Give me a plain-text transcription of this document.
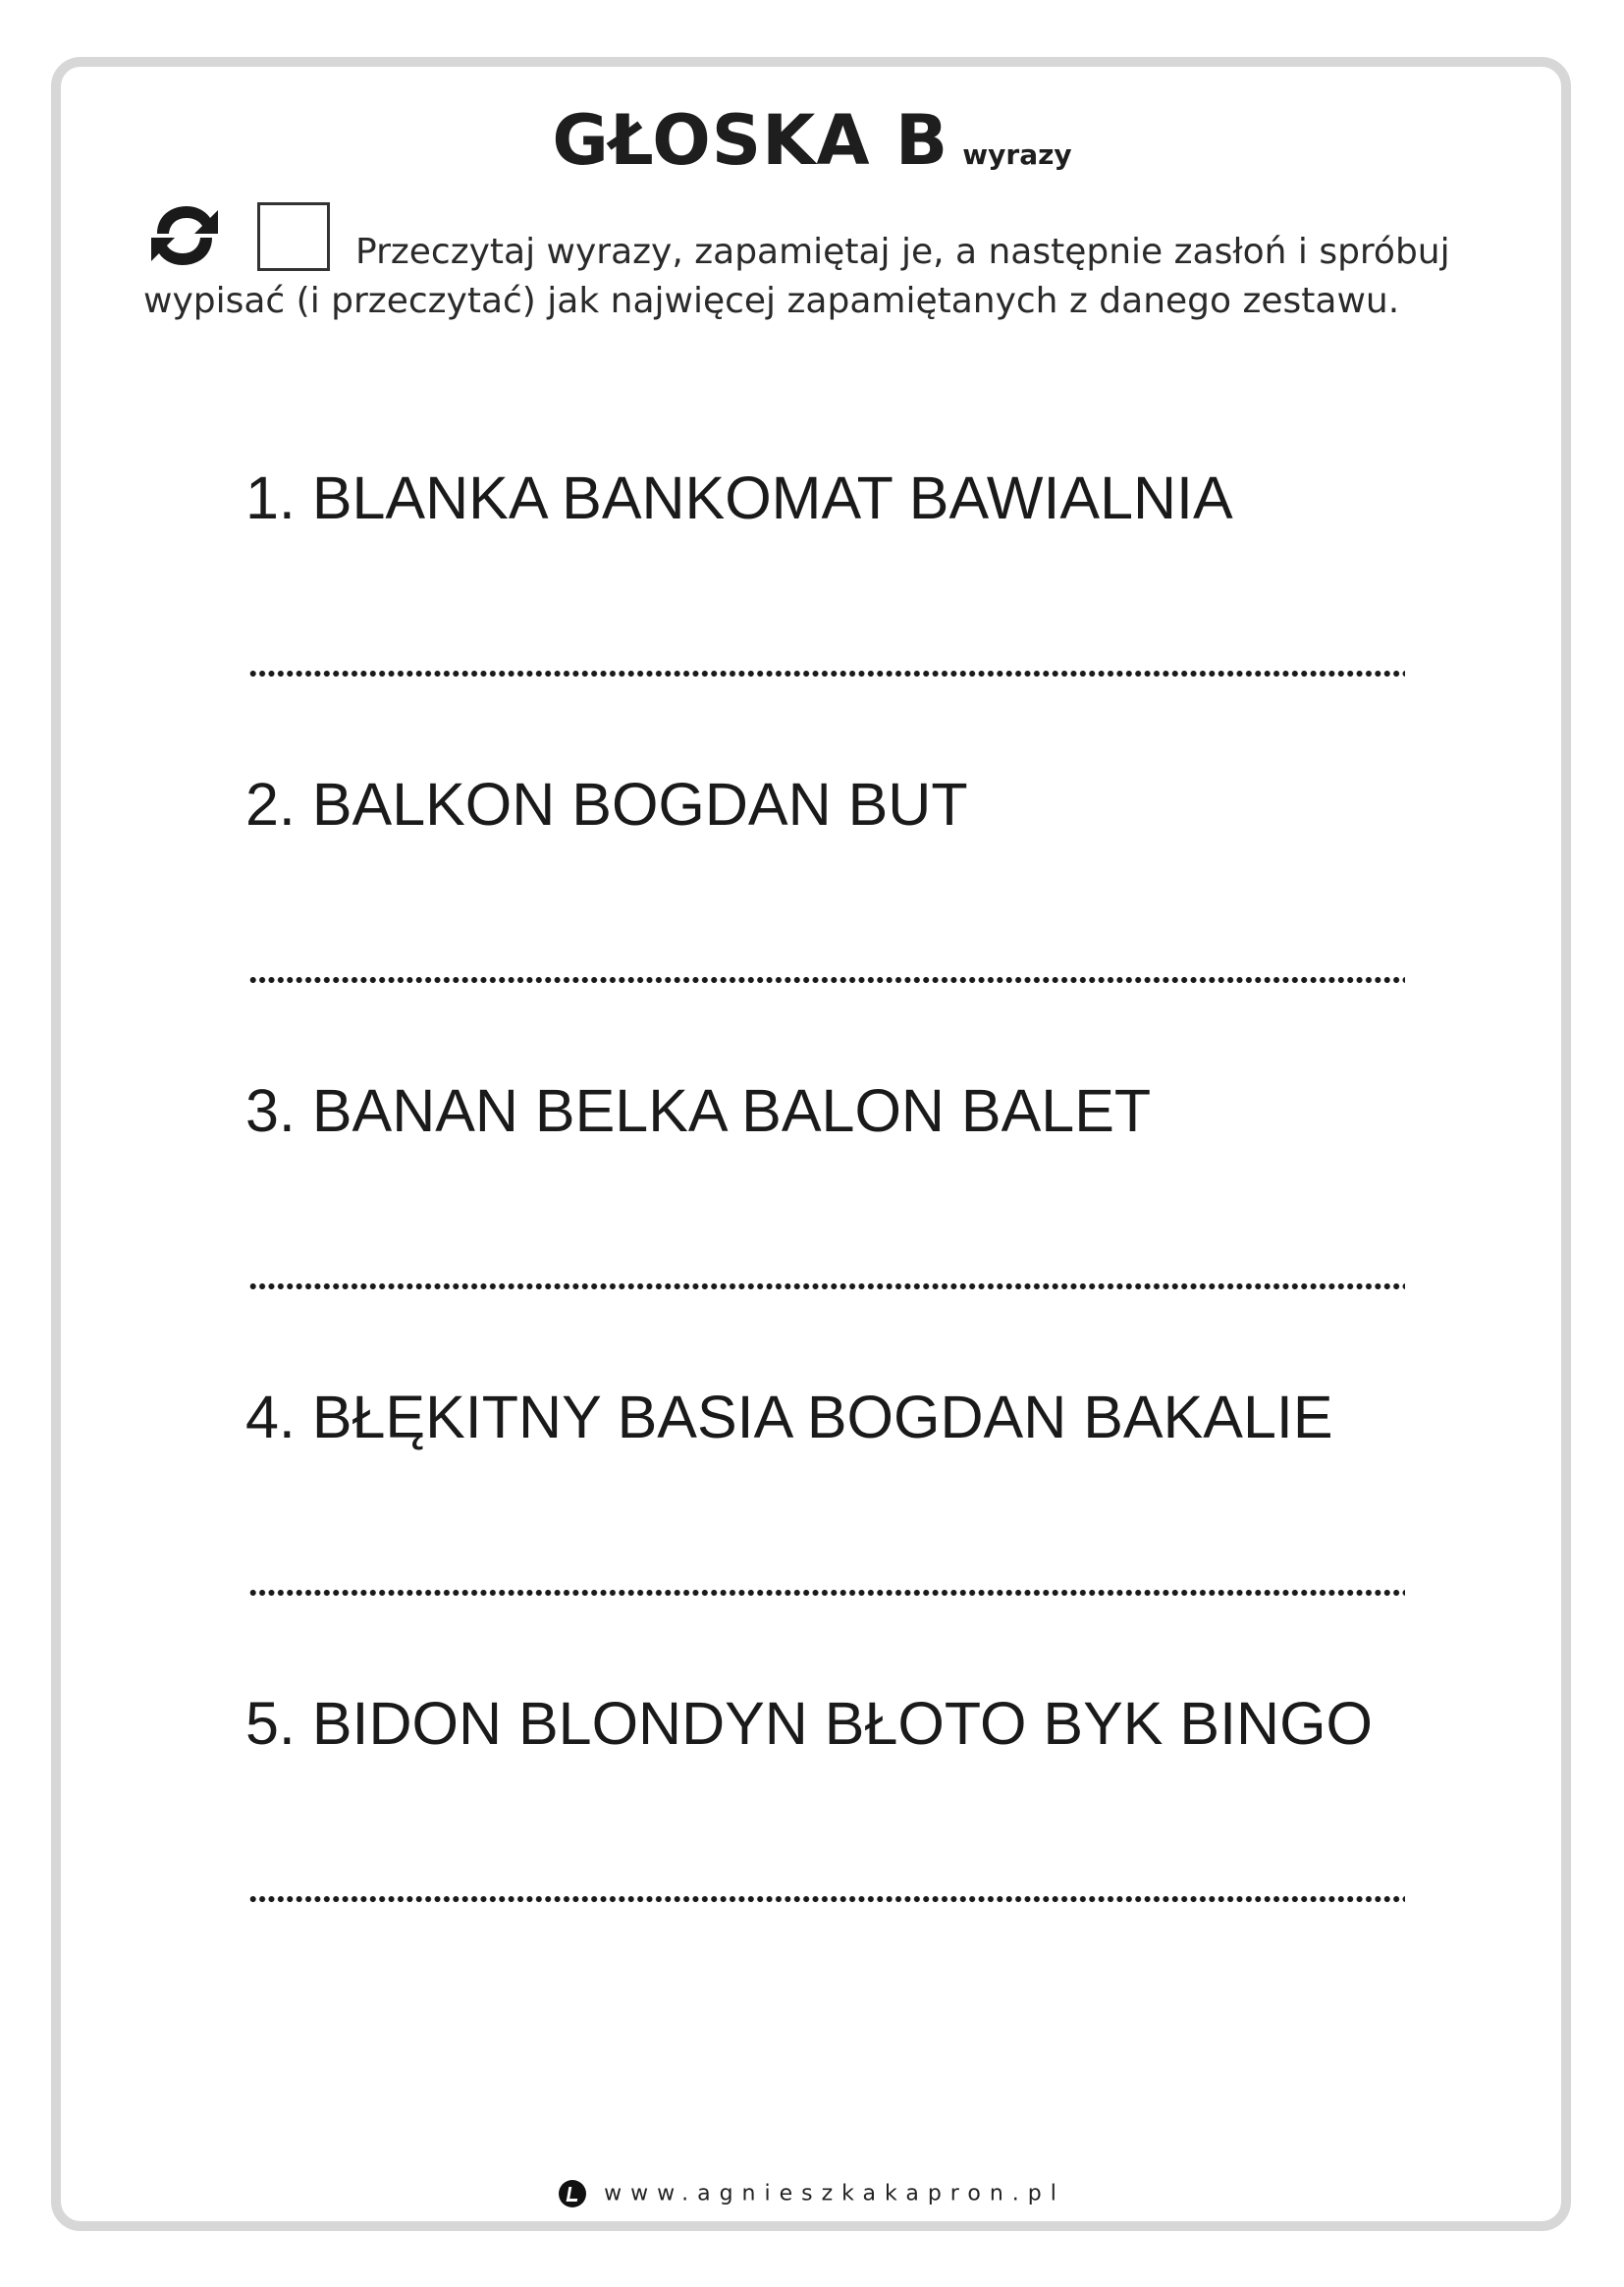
GŁOSKA B wyrazy
Przeczytaj wyrazy, zapamiętaj je, a następnie zasłoń i spróbuj
wypisać (i przeczytać) jak najwięcej zapamiętanych z danego zestawu.
1. BLANKA BANKOMAT BAWIALNIA
2. BALKON BOGDAN BUT
3. BANAN BELKA BALON BALET
4. BŁĘKITNY BASIA BOGDAN BAKALIE
5. BIDON BLONDYN BŁOTO BYK BINGO
www.agnieszkakapron.pl
